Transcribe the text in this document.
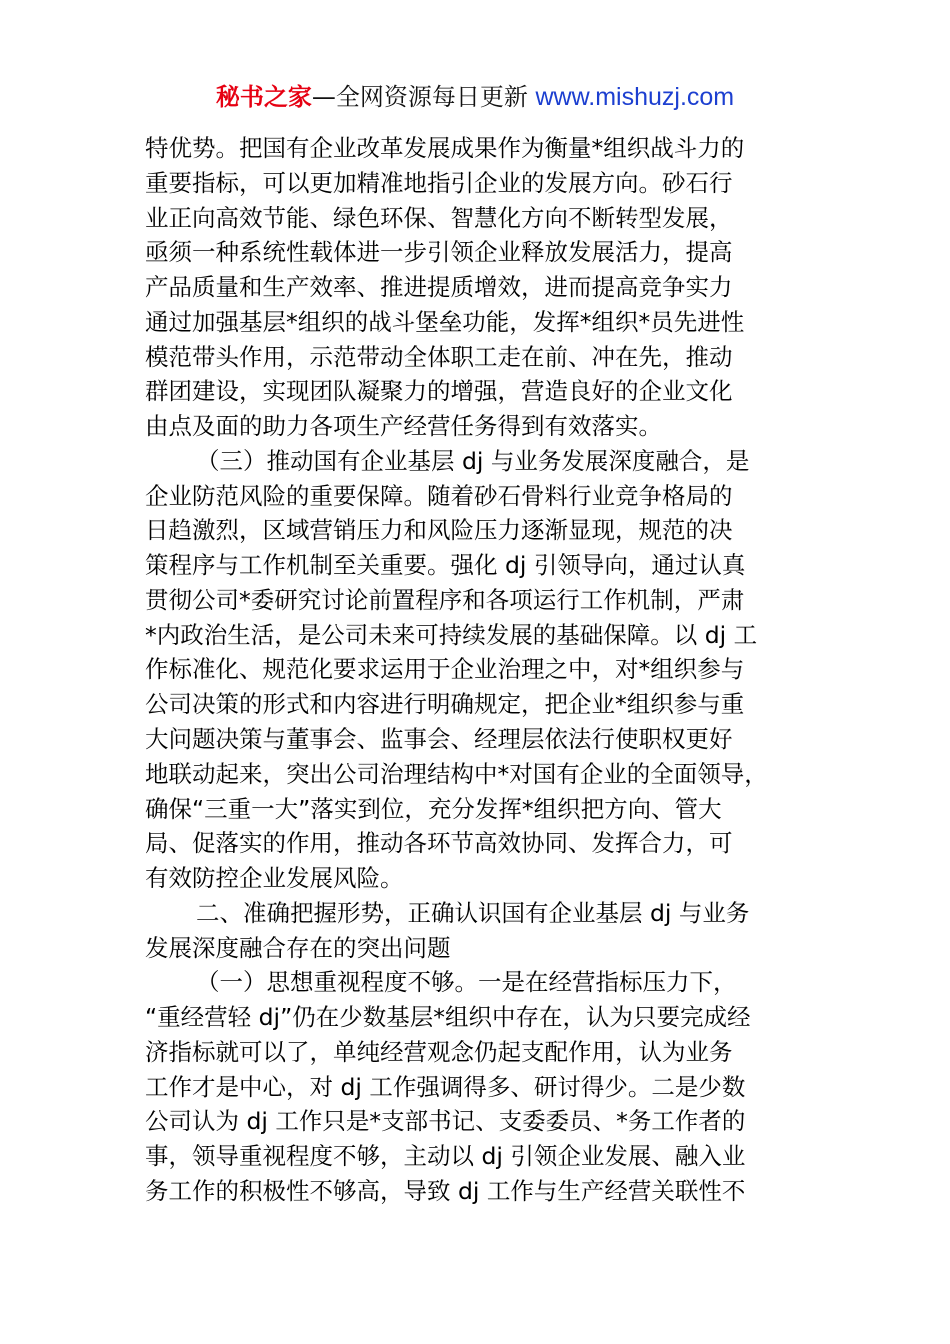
秘书之家—全网资源每日更新 www.mishuzj.com
特优势。把国有企业改革发展成果作为衡量*组织战斗力的
重要指标，可以更加精准地指引企业的发展方向。砂石行
业正向高效节能、绿色环保、智慧化方向不断转型发展，
亟须一种系统性载体进一步引领企业释放发展活力，提高
产品质量和生产效率、推进提质增效，进而提高竞争实力
通过加强基层*组织的战斗堡垒功能，发挥*组织*员先进性
模范带头作用，示范带动全体职工走在前、冲在先，推动
群团建设，实现团队凝聚力的增强，营造良好的企业文化
由点及面的助力各项生产经营任务得到有效落实。
（三）推动国有企业基层 dj 与业务发展深度融合，是
企业防范风险的重要保障。随着砂石骨料行业竞争格局的
日趋激烈，区域营销压力和风险压力逐渐显现，规范的决
策程序与工作机制至关重要。强化 dj 引领导向，通过认真
贯彻公司*委研究讨论前置程序和各项运行工作机制，严肃
*内政治生活，是公司未来可持续发展的基础保障。以 dj 工
作标准化、规范化要求运用于企业治理之中，对*组织参与
公司决策的形式和内容进行明确规定，把企业*组织参与重
大问题决策与董事会、监事会、经理层依法行使职权更好
地联动起来，突出公司治理结构中*对国有企业的全面领导，
确保“三重一大”落实到位，充分发挥*组织把方向、管大
局、促落实的作用，推动各环节高效协同、发挥合力，可
有效防控企业发展风险。
二、准确把握形势，正确认识国有企业基层 dj 与业务
发展深度融合存在的突出问题
（一）思想重视程度不够。一是在经营指标压力下，
“重经营轻 dj”仍在少数基层*组织中存在，认为只要完成经
济指标就可以了，单纯经营观念仍起支配作用，认为业务
工作才是中心，对 dj 工作强调得多、研讨得少。二是少数
公司认为 dj 工作只是*支部书记、支委委员、*务工作者的
事，领导重视程度不够，主动以 dj 引领企业发展、融入业
务工作的积极性不够高，导致 dj 工作与生产经营关联性不
